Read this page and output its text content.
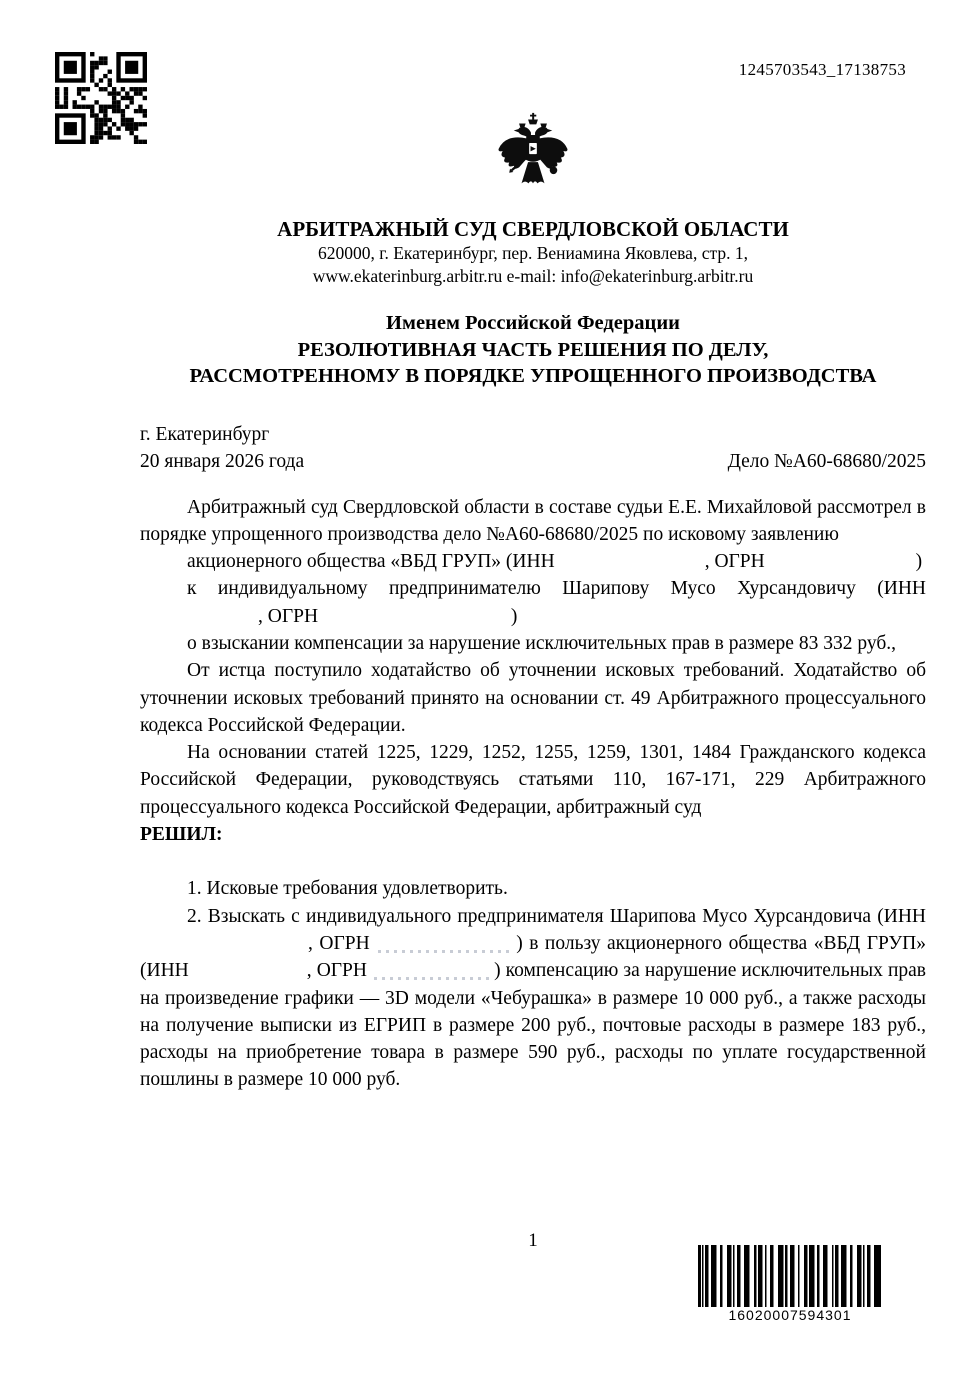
1245703543_17138753
АРБИТРАЖНЫЙ СУД СВЕРДЛОВСКОЙ ОБЛАСТИ
620000, г. Екатеринбург, пер. Вениамина Яковлева, стр. 1,
www.ekaterinburg.arbitr.ru e-mail: info@ekaterinburg.arbitr.ru
Именем Российской Федерации
РЕЗОЛЮТИВНАЯ ЧАСТЬ РЕШЕНИЯ ПО ДЕЛУ,
РАССМОТРЕННОМУ В ПОРЯДКЕ УПРОЩЕННОГО ПРОИЗВОДСТВА
г. Екатеринбург
20 января 2026 года	Дело №А60-68680/2025

Арбитражный суд Свердловской области в составе судьи Е.Е. Михайловой рассмотрел в порядке упрощенного производства дело №А60-68680/2025 по исковому заявлению

акционерного общества «ВБД ГРУП» (ИНН	, ОГРН	)

к индивидуальному предпринимателю Шарипову Мусо Хурсандовичу (ИНН, ОГРН	)

о взыскании компенсации за нарушение исключительных прав в размере 83 332 руб.,

От истца поступило ходатайство об уточнении исковых требований. Ходатайство об уточнении исковых требований принято на основании ст. 49 Арбитражного процессуального кодекса Российской Федерации.

На основании статей 1225, 1229, 1252, 1255, 1259, 1301, 1484 Гражданского кодекса Российской Федерации, руководствуясь статьями 110, 167-171, 229 Арбитражного процессуального кодекса Российской Федерации, арбитражный суд

РЕШИЛ:

1. Исковые требования удовлетворить.

2. Взыскать с индивидуального предпринимателя Шарипова Мусо Хурсандовича (ИНН, ОГРН	) в пользу акционерного общества «ВБД ГРУП» (ИНН	, ОГРН	) компенсацию за нарушение исключительных прав на произведение графики — 3D модели «Чебурашка» в размере 10 000 руб., а также расходы на получение выписки из ЕГРИП в размере 200 руб., почтовые расходы в размере 183 руб., расходы на приобретение товара в размере 590 руб., расходы по уплате государственной пошлины в размере 10 000 руб.

1
16020007594301
